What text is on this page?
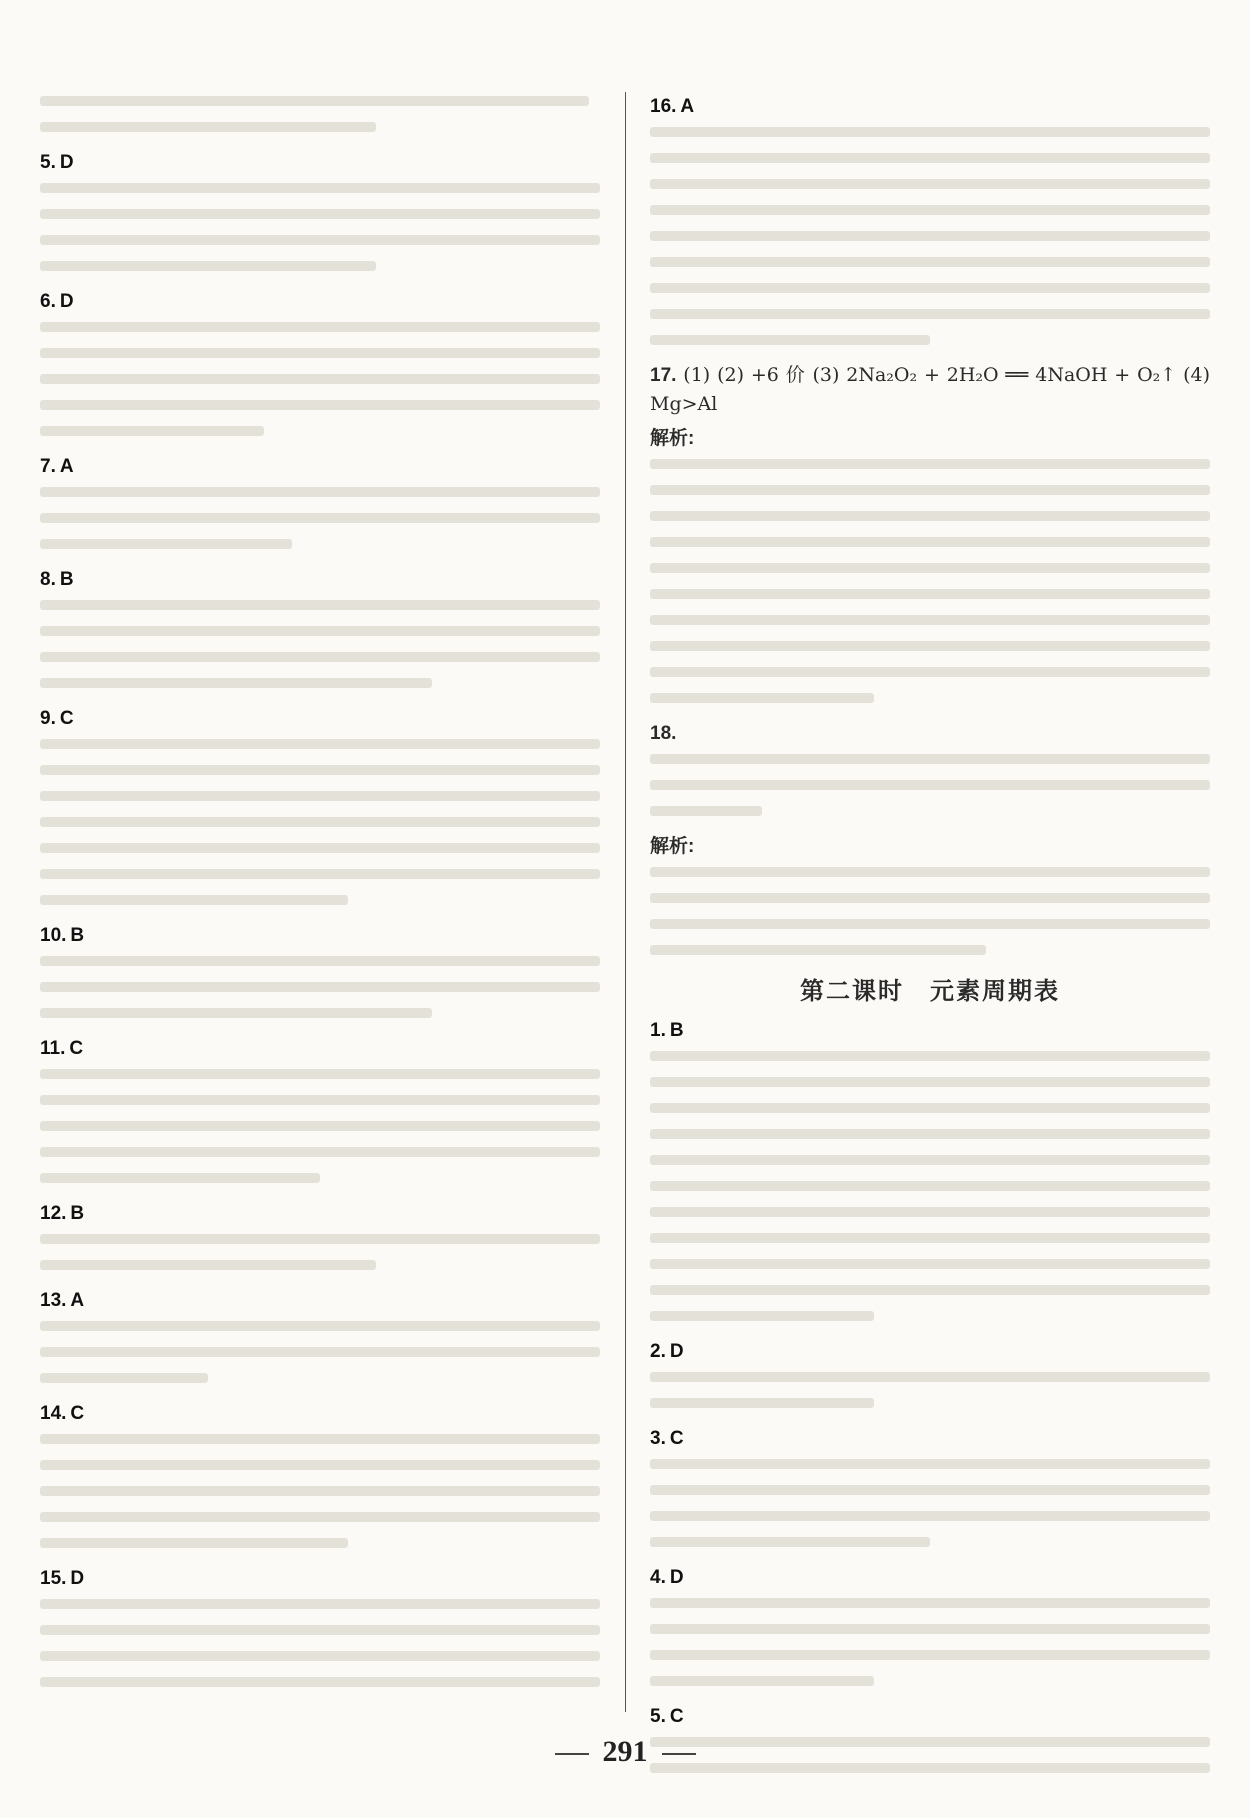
5. D
6. D
7. A
8. B
9. C
10. B
11. C
12. B
13. A
14. C
15. D
16. A
17. (1) (2) +6 价 (3) 2Na₂O₂ + 2H₂O ══ 4NaOH + O₂↑ (4) Mg>Al
解析:
18.
解析:
第二课时　元素周期表
1. B
2. D
3. C
4. D
5. C
291
